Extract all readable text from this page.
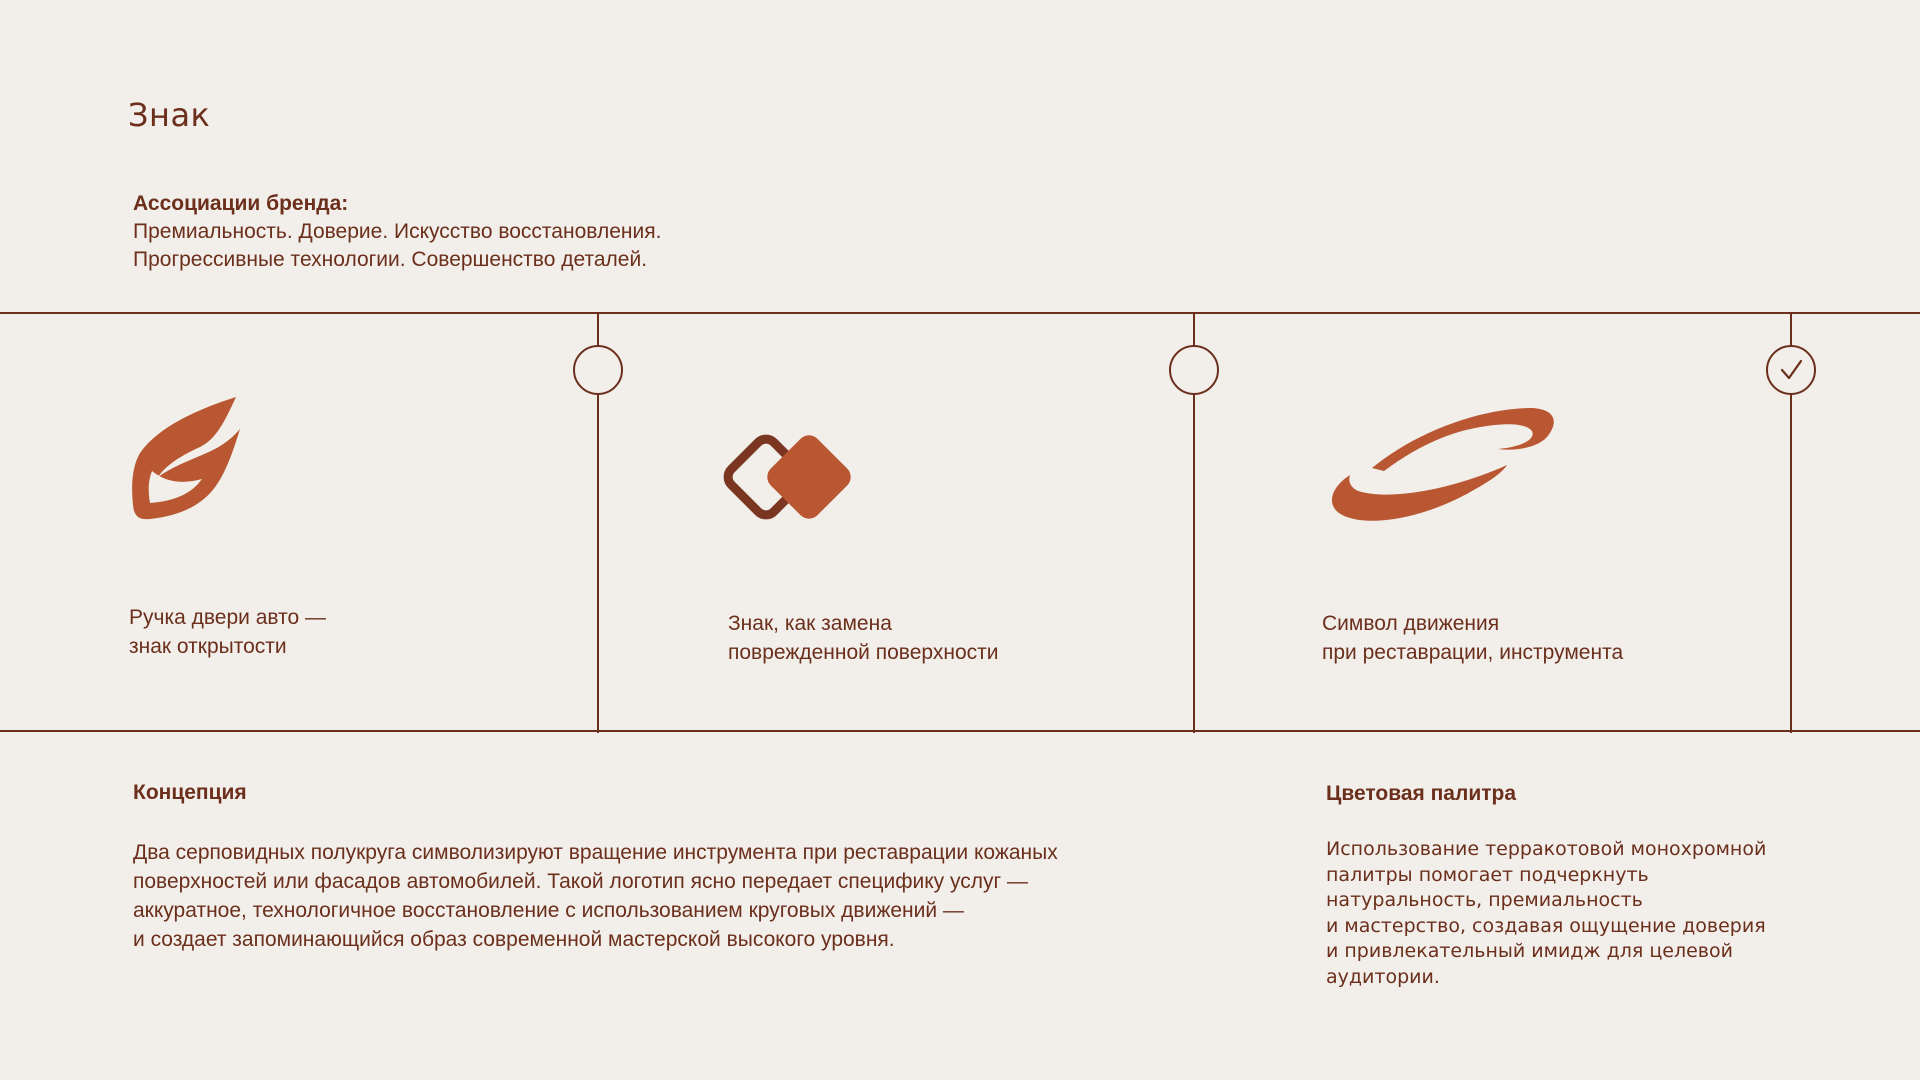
Знак
Ассоциации бренда:
Премиальность. Доверие. Искусство восстановления.
Прогрессивные технологии. Совершенство деталей.
Ручка двери авто —
знак открытости
Знак, как замена
поврежденной поверхности
Символ движения
при реставрации, инструмента
Концепция
Два серповидных полукруга символизируют вращение инструмента при реставрации кожаных
поверхностей или фасадов автомобилей. Такой логотип ясно передает специфику услуг —
аккуратное, технологичное восстановление с использованием круговых движений —
и создает запоминающийся образ современной мастерской высокого уровня.
Цветовая палитра
Использование терракотовой монохромной
палитры помогает подчеркнуть
натуральность, премиальность
и мастерство, создавая ощущение доверия
и привлекательный имидж для целевой
аудитории.
